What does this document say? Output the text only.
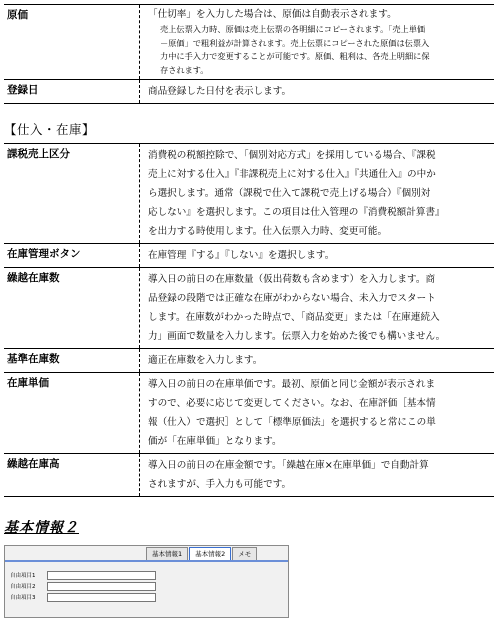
原価	「仕切率」を入力した場合は、原価は自動表示されます。
売上伝票入力時、原価は売上伝票の各明細にコピーされます。「売上単価
－原価」で粗利益が計算されます。売上伝票にコピーされた原価は伝票入
力中に手入力で変更することが可能です。原価、粗利は、各売上明細に保
存されます。

登録日	商品登録した日付を表示します。
【仕入・在庫】
課税売上区分	消費税の税額控除で、「個別対応方式」を採用している場合、『課税
売上に対する仕入』『非課税売上に対する仕入』『共通仕入』の中か
ら選択します。通常（課税で仕入て課税で売上げる場合）『個別対
応しない』を選択します。この項目は仕入管理の『消費税額計算書』
を出力する時使用します。仕入伝票入力時、変更可能。

在庫管理ボタン	在庫管理『する』『しない』を選択します。

繰越在庫数	導入日の前日の在庫数量（仮出荷数も含めます）を入力します。商
品登録の段階では正確な在庫がわからない場合、未入力でスタート
します。在庫数がわかった時点で、「商品変更」または「在庫連続入
力」画面で数量を入力します。伝票入力を始めた後でも構いません。

基準在庫数	適正在庫数を入力します。

在庫単価	導入日の前日の在庫単価です。最初、原価と同じ金額が表示されま
すので、必要に応じて変更してください。なお、在庫評価［基本情
報（仕入）で選択］として「標準原価法」を選択すると常にこの単
価が「在庫単価」となります。

繰越在庫高	導入日の前日の在庫金額です。「繰越在庫×在庫単価」で自動計算
されますが、手入力も可能です。
基本情報２
基本情報1	基本情報2	メモ
自由項目1
自由項目2
自由項目3
